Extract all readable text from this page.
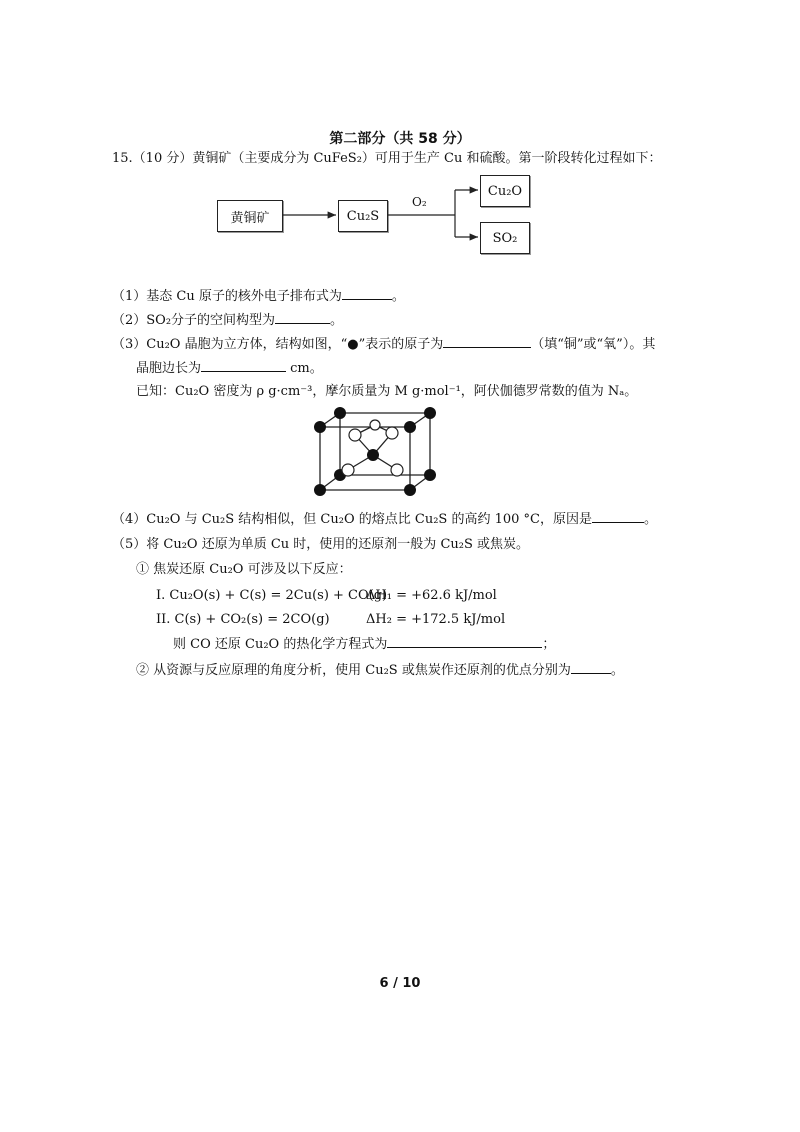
第二部分（共 58 分）
15.（10 分）黄铜矿（主要成分为 CuFeS₂）可用于生产 Cu 和硫酸。第一阶段转化过程如下：
黄铜矿	Cu₂S
Cu₂O
SO₂
O₂
（1）基态 Cu 原子的核外电子排布式为	。
（2）SO₂分子的空间构型为	。
（3）Cu₂O 晶胞为立方体，结构如图，“●”表示的原子为	（填“铜”或“氧”）。其
晶胞边长为	cm。
已知：Cu₂O 密度为 ρ g·cm⁻³，摩尔质量为 M g·mol⁻¹，阿伏伽德罗常数的值为 Nₐ。
（4）Cu₂O 与 Cu₂S 结构相似，但 Cu₂O 的熔点比 Cu₂S 的高约 100 °C，原因是	。
（5）将 Cu₂O 还原为单质 Cu 时，使用的还原剂一般为 Cu₂S 或焦炭。
① 焦炭还原 Cu₂O 可涉及以下反应：
I. Cu₂O(s) + C(s) = 2Cu(s) + CO(g)ΔH₁ = +62.6 kJ/mol
II. C(s) + CO₂(s) = 2CO(g)	ΔH₂ = +172.5 kJ/mol
则 CO 还原 Cu₂O 的热化学方程式为	；
② 从资源与反应原理的角度分析，使用 Cu₂S 或焦炭作还原剂的优点分别为	。
6 / 10
